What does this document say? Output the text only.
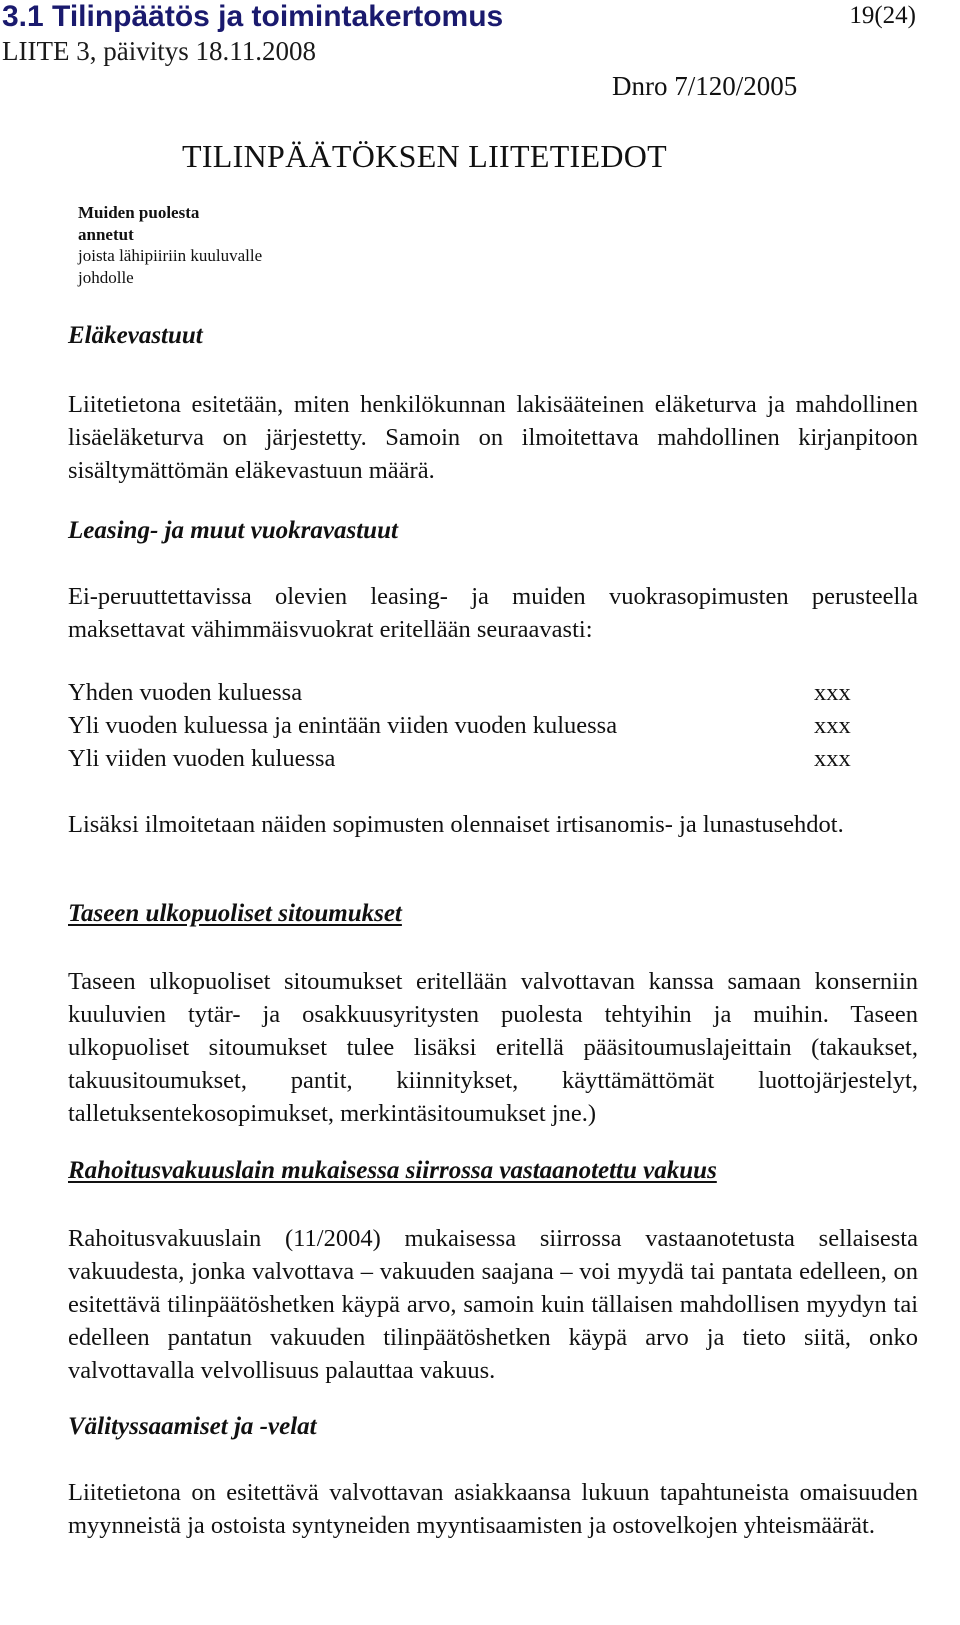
3.1 Tilinpäätös ja toimintakertomus
LIITE 3, päivitys 18.11.2008
19(24)
Dnro 7/120/2005
TILINPÄÄTÖKSEN LIITETIEDOT
Muiden puolesta
annetut
joista lähipiiriin kuuluvalle
johdolle
Eläkevastuut
Liitetietona esitetään, miten henkilökunnan lakisääteinen eläketurva ja mahdollinen lisäeläketurva on järjestetty. Samoin on ilmoitettava mahdollinen kirjanpitoon sisältymättömän eläkevastuun määrä.
Leasing- ja muut vuokravastuut
Ei-peruuttettavissa olevien leasing- ja muiden vuokrasopimusten perusteella maksettavat vähimmäisvuokrat eritellään seuraavasti:
Yhden vuoden kuluessa	xxx
Yli vuoden kuluessa ja enintään viiden vuoden kuluessa	xxx
Yli viiden vuoden kuluessa	xxx
Lisäksi ilmoitetaan näiden sopimusten olennaiset irtisanomis- ja lunastusehdot.
Taseen ulkopuoliset sitoumukset
Taseen ulkopuoliset sitoumukset eritellään valvottavan kanssa samaan konserniin kuuluvien tytär- ja osakkuusyritysten puolesta tehtyihin ja muihin. Taseen ulkopuoliset sitoumukset tulee lisäksi eritellä pääsitoumuslajeittain (takaukset, takuusitoumukset, pantit, kiinnitykset, käyttämättömät luottojärjestelyt, talletuksentekosopimukset, merkintäsitoumukset jne.)
Rahoitusvakuuslain mukaisessa siirrossa vastaanotettu vakuus
Rahoitusvakuuslain (11/2004) mukaisessa siirrossa vastaanotetusta sellaisesta vakuudesta, jonka valvottava – vakuuden saajana – voi myydä tai pantata edelleen, on esitettävä tilinpäätöshetken käypä arvo, samoin kuin tällaisen mahdollisen myydyn tai edelleen pantatun vakuuden tilinpäätöshetken käypä arvo ja tieto siitä, onko valvottavalla velvollisuus palauttaa vakuus.
Välityssaamiset ja -velat
Liitetietona on esitettävä valvottavan asiakkaansa lukuun tapahtuneista omaisuuden myynneistä ja ostoista syntyneiden myyntisaamisten ja ostovelkojen yhteismäärät.
